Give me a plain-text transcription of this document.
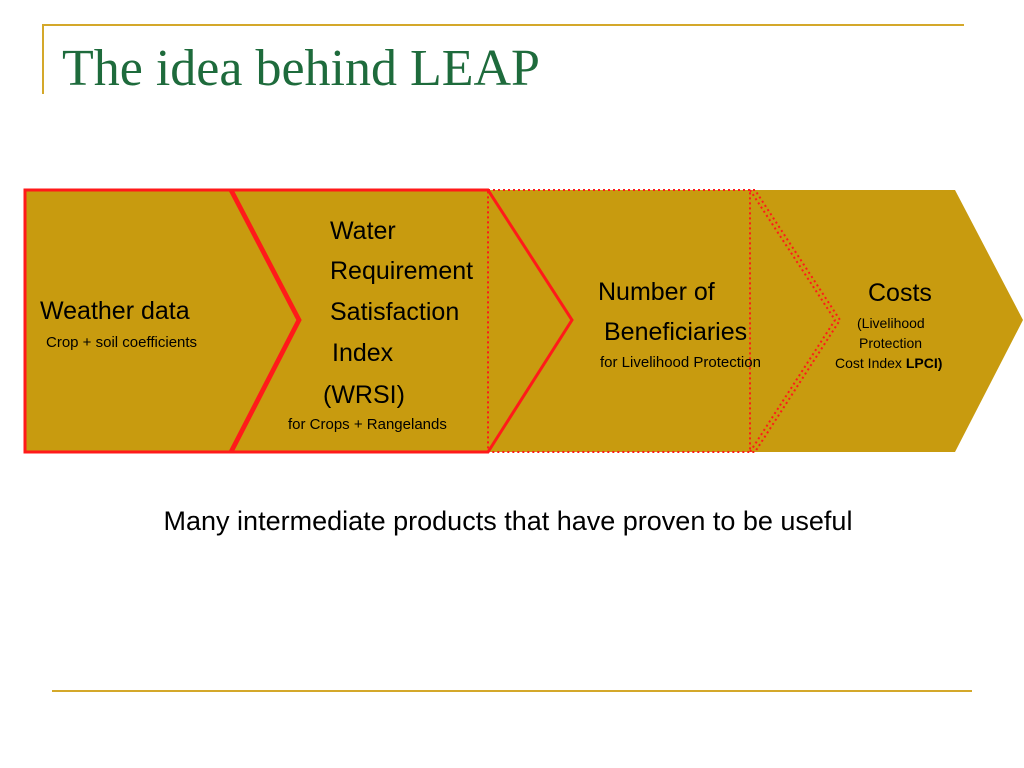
The idea behind LEAP
Weather data
Crop + soil coefficients
Water
Requirement
Satisfaction
Index
(WRSI)
for Crops + Rangelands
Number of
Beneficiaries
for Livelihood Protection
Costs
(Livelihood
Protection
Cost Index LPCI)
Many intermediate products that have proven to be useful
